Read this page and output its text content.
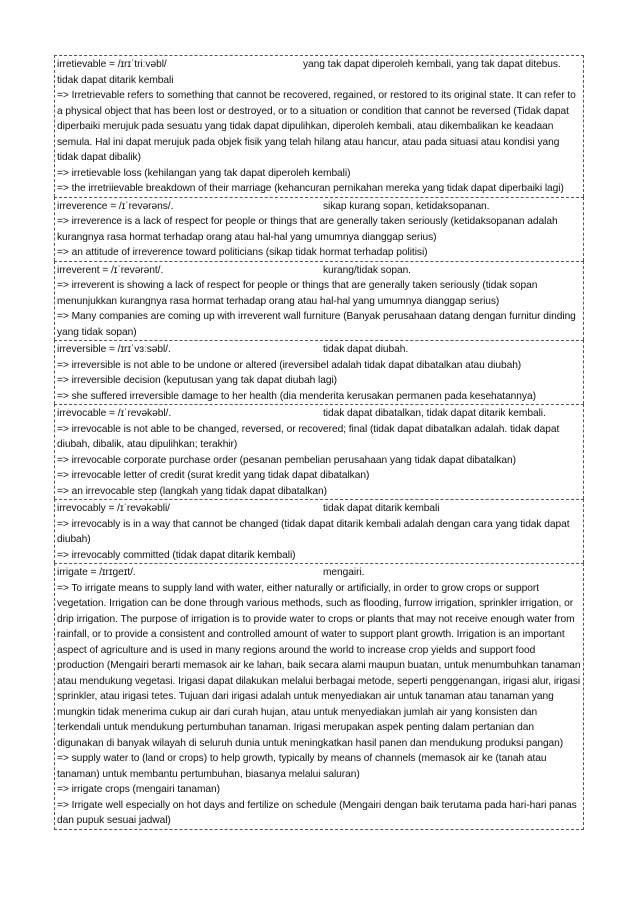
irretievable = /ɪrɪˈtriːvəbl/	yang tak dapat diperoleh kembali, yang tak dapat ditebus.
tidak dapat ditarik kembali
=> Irretrievable refers to something that cannot be recovered, regained, or restored to its original state. It can refer to a physical object that has been lost or destroyed, or to a situation or condition that cannot be reversed (Tidak dapat diperbaiki merujuk pada sesuatu yang tidak dapat dipulihkan, diperoleh kembali, atau dikembalikan ke keadaan semula. Hal ini dapat merujuk pada objek fisik yang telah hilang atau hancur, atau pada situasi atau kondisi yang tidak dapat dibalik)
=> irretievable loss (kehilangan yang tak dapat diperoleh kembali)
=> the irretriievable breakdown of their marriage (kehancuran pernikahan mereka yang tidak dapat diperbaiki lagi)
irreverence = /ɪˈrevərəns/.	sikap kurang sopan, ketidaksopanan.
=> irreverence is a lack of respect for people or things that are generally taken seriously (ketidaksopanan adalah kurangnya rasa hormat terhadap orang atau hal-hal yang umumnya dianggap serius)
=> an attitude of irreverence toward politicians (sikap tidak hormat terhadap politisi)
irreverent = /ɪˈrevərənt/.	kurang/tidak sopan.
=> irreverent is showing a lack of respect for people or things that are generally taken seriously (tidak sopan menunjukkan kurangnya rasa hormat terhadap orang atau hal-hal yang umumnya dianggap serius)
=> Many companies are coming up with irreverent wall furniture (Banyak perusahaan datang dengan furnitur dinding yang tidak sopan)
irreversible = /ɪrɪˈvɜːsəbl/.	tidak dapat diubah.
=> irreversible is not able to be undone or altered (ireversibel adalah tidak dapat dibatalkan atau diubah)
=> irreversible decision (keputusan yang tak dapat diubah lagi)
=> she suffered irreversible damage to her health (dia menderita kerusakan permanen pada kesehatannya)
irrevocable = /ɪˈrevəkəbl/.	tidak dapat dibatalkan, tidak dapat ditarik kembali.
=> irrevocable is not able to be changed, reversed, or recovered; final (tidak dapat dibatalkan adalah. tidak dapat diubah, dibalik, atau dipulihkan; terakhir)
=> irrevocable corporate purchase order (pesanan pembelian perusahaan yang tidak dapat dibatalkan)
=> irrevocable letter of credit (surat kredit yang tidak dapat dibatalkan)
=> an irrevocable step (langkah yang tidak dapat dibatalkan)
irrevocably = /ɪˈrevəkəbli/	tidak dapat ditarik kembali
=> irrevocably is in a way that cannot be changed (tidak dapat ditarik kembali adalah dengan cara yang tidak dapat diubah)
=> irrevocably committed (tidak dapat ditarik kembali)
irrigate = /ɪrɪɡeɪt/.	mengairi.
=> To irrigate means to supply land with water, either naturally or artificially, in order to grow crops or support vegetation. Irrigation can be done through various methods, such as flooding, furrow irrigation, sprinkler irrigation, or drip irrigation. The purpose of irrigation is to provide water to crops or plants that may not receive enough water from rainfall, or to provide a consistent and controlled amount of water to support plant growth. Irrigation is an important aspect of agriculture and is used in many regions around the world to increase crop yields and support food production (Mengairi berarti memasok air ke lahan, baik secara alami maupun buatan, untuk menumbuhkan tanaman atau mendukung vegetasi. Irigasi dapat dilakukan melalui berbagai metode, seperti penggenangan, irigasi alur, irigasi sprinkler, atau irigasi tetes. Tujuan dari irigasi adalah untuk menyediakan air untuk tanaman atau tanaman yang mungkin tidak menerima cukup air dari curah hujan, atau untuk menyediakan jumlah air yang konsisten dan terkendali untuk mendukung pertumbuhan tanaman. Irigasi merupakan aspek penting dalam pertanian dan digunakan di banyak wilayah di seluruh dunia untuk meningkatkan hasil panen dan mendukung produksi pangan)
=> supply water to (land or crops) to help growth, typically by means of channels (memasok air ke (tanah atau tanaman) untuk membantu pertumbuhan, biasanya melalui saluran)
=> irrigate crops (mengairi tanaman)
=> Irrigate well especially on hot days and fertilize on schedule (Mengairi dengan baik terutama pada hari-hari panas dan pupuk sesuai jadwal)
